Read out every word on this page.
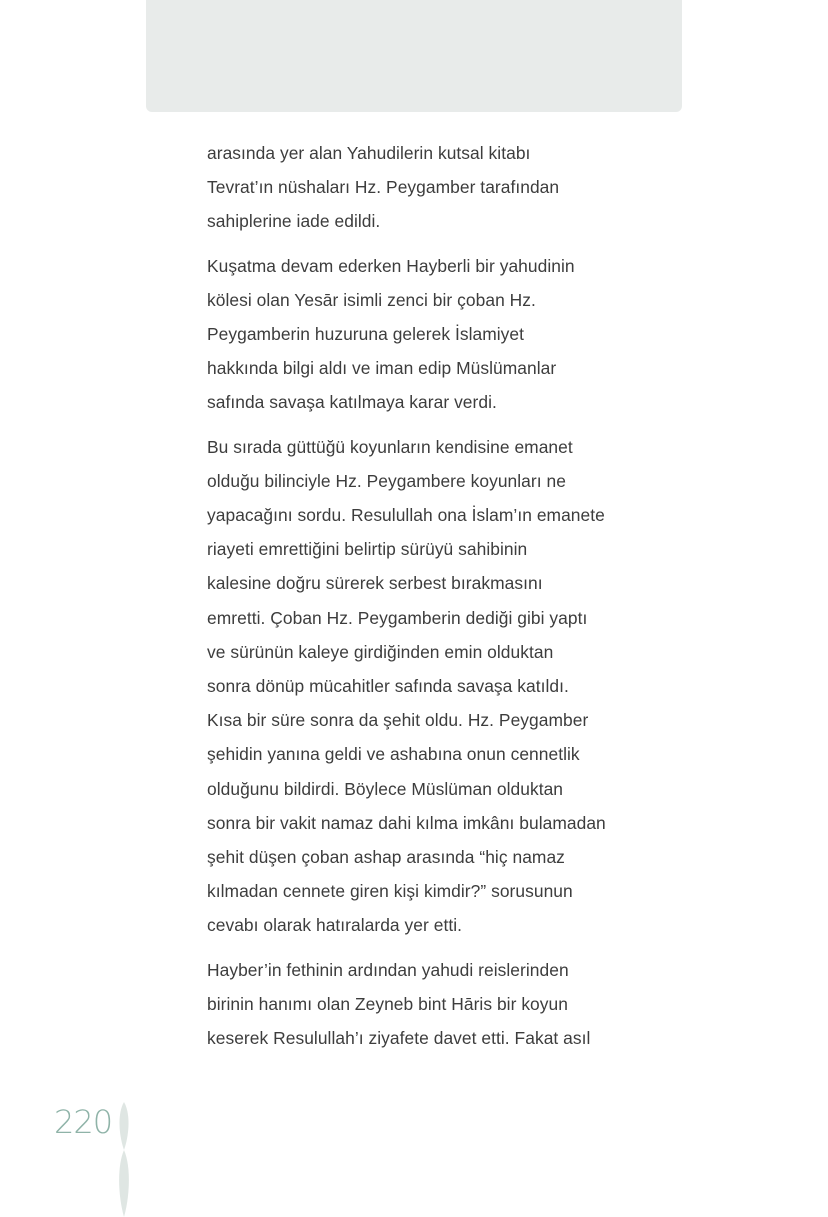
arasında yer alan Yahudilerin kutsal kitabı
Tevrat’ın nüshaları Hz. Peygamber tarafından
sahiplerine iade edildi.

Kuşatma devam ederken Hayberli bir yahudinin
kölesi olan Yesār isimli zenci bir çoban Hz.
Peygamberin huzuruna gelerek İslamiyet
hakkında bilgi aldı ve iman edip Müslümanlar
safında savaşa katılmaya karar verdi.

Bu sırada güttüğü koyunların kendisine emanet
olduğu bilinciyle Hz. Peygambere koyunları ne
yapacağını sordu. Resulullah ona İslam’ın emanete
riayeti emrettiğini belirtip sürüyü sahibinin
kalesine doğru sürerek serbest bırakmasını
emretti. Çoban Hz. Peygamberin dediği gibi yaptı
ve sürünün kaleye girdiğinden emin olduktan
sonra dönüp mücahitler safında savaşa katıldı.
Kısa bir süre sonra da şehit oldu. Hz. Peygamber
şehidin yanına geldi ve ashabına onun cennetlik
olduğunu bildirdi. Böylece Müslüman olduktan
sonra bir vakit namaz dahi kılma imkânı bulamadan
şehit düşen çoban ashap arasında “hiç namaz
kılmadan cennete giren kişi kimdir?” sorusunun
cevabı olarak hatıralarda yer etti.

Hayber’in fethinin ardından yahudi reislerinden
birinin hanımı olan Zeyneb bint Hāris bir koyun
keserek Resulullah’ı ziyafete davet etti. Fakat asıl

220
